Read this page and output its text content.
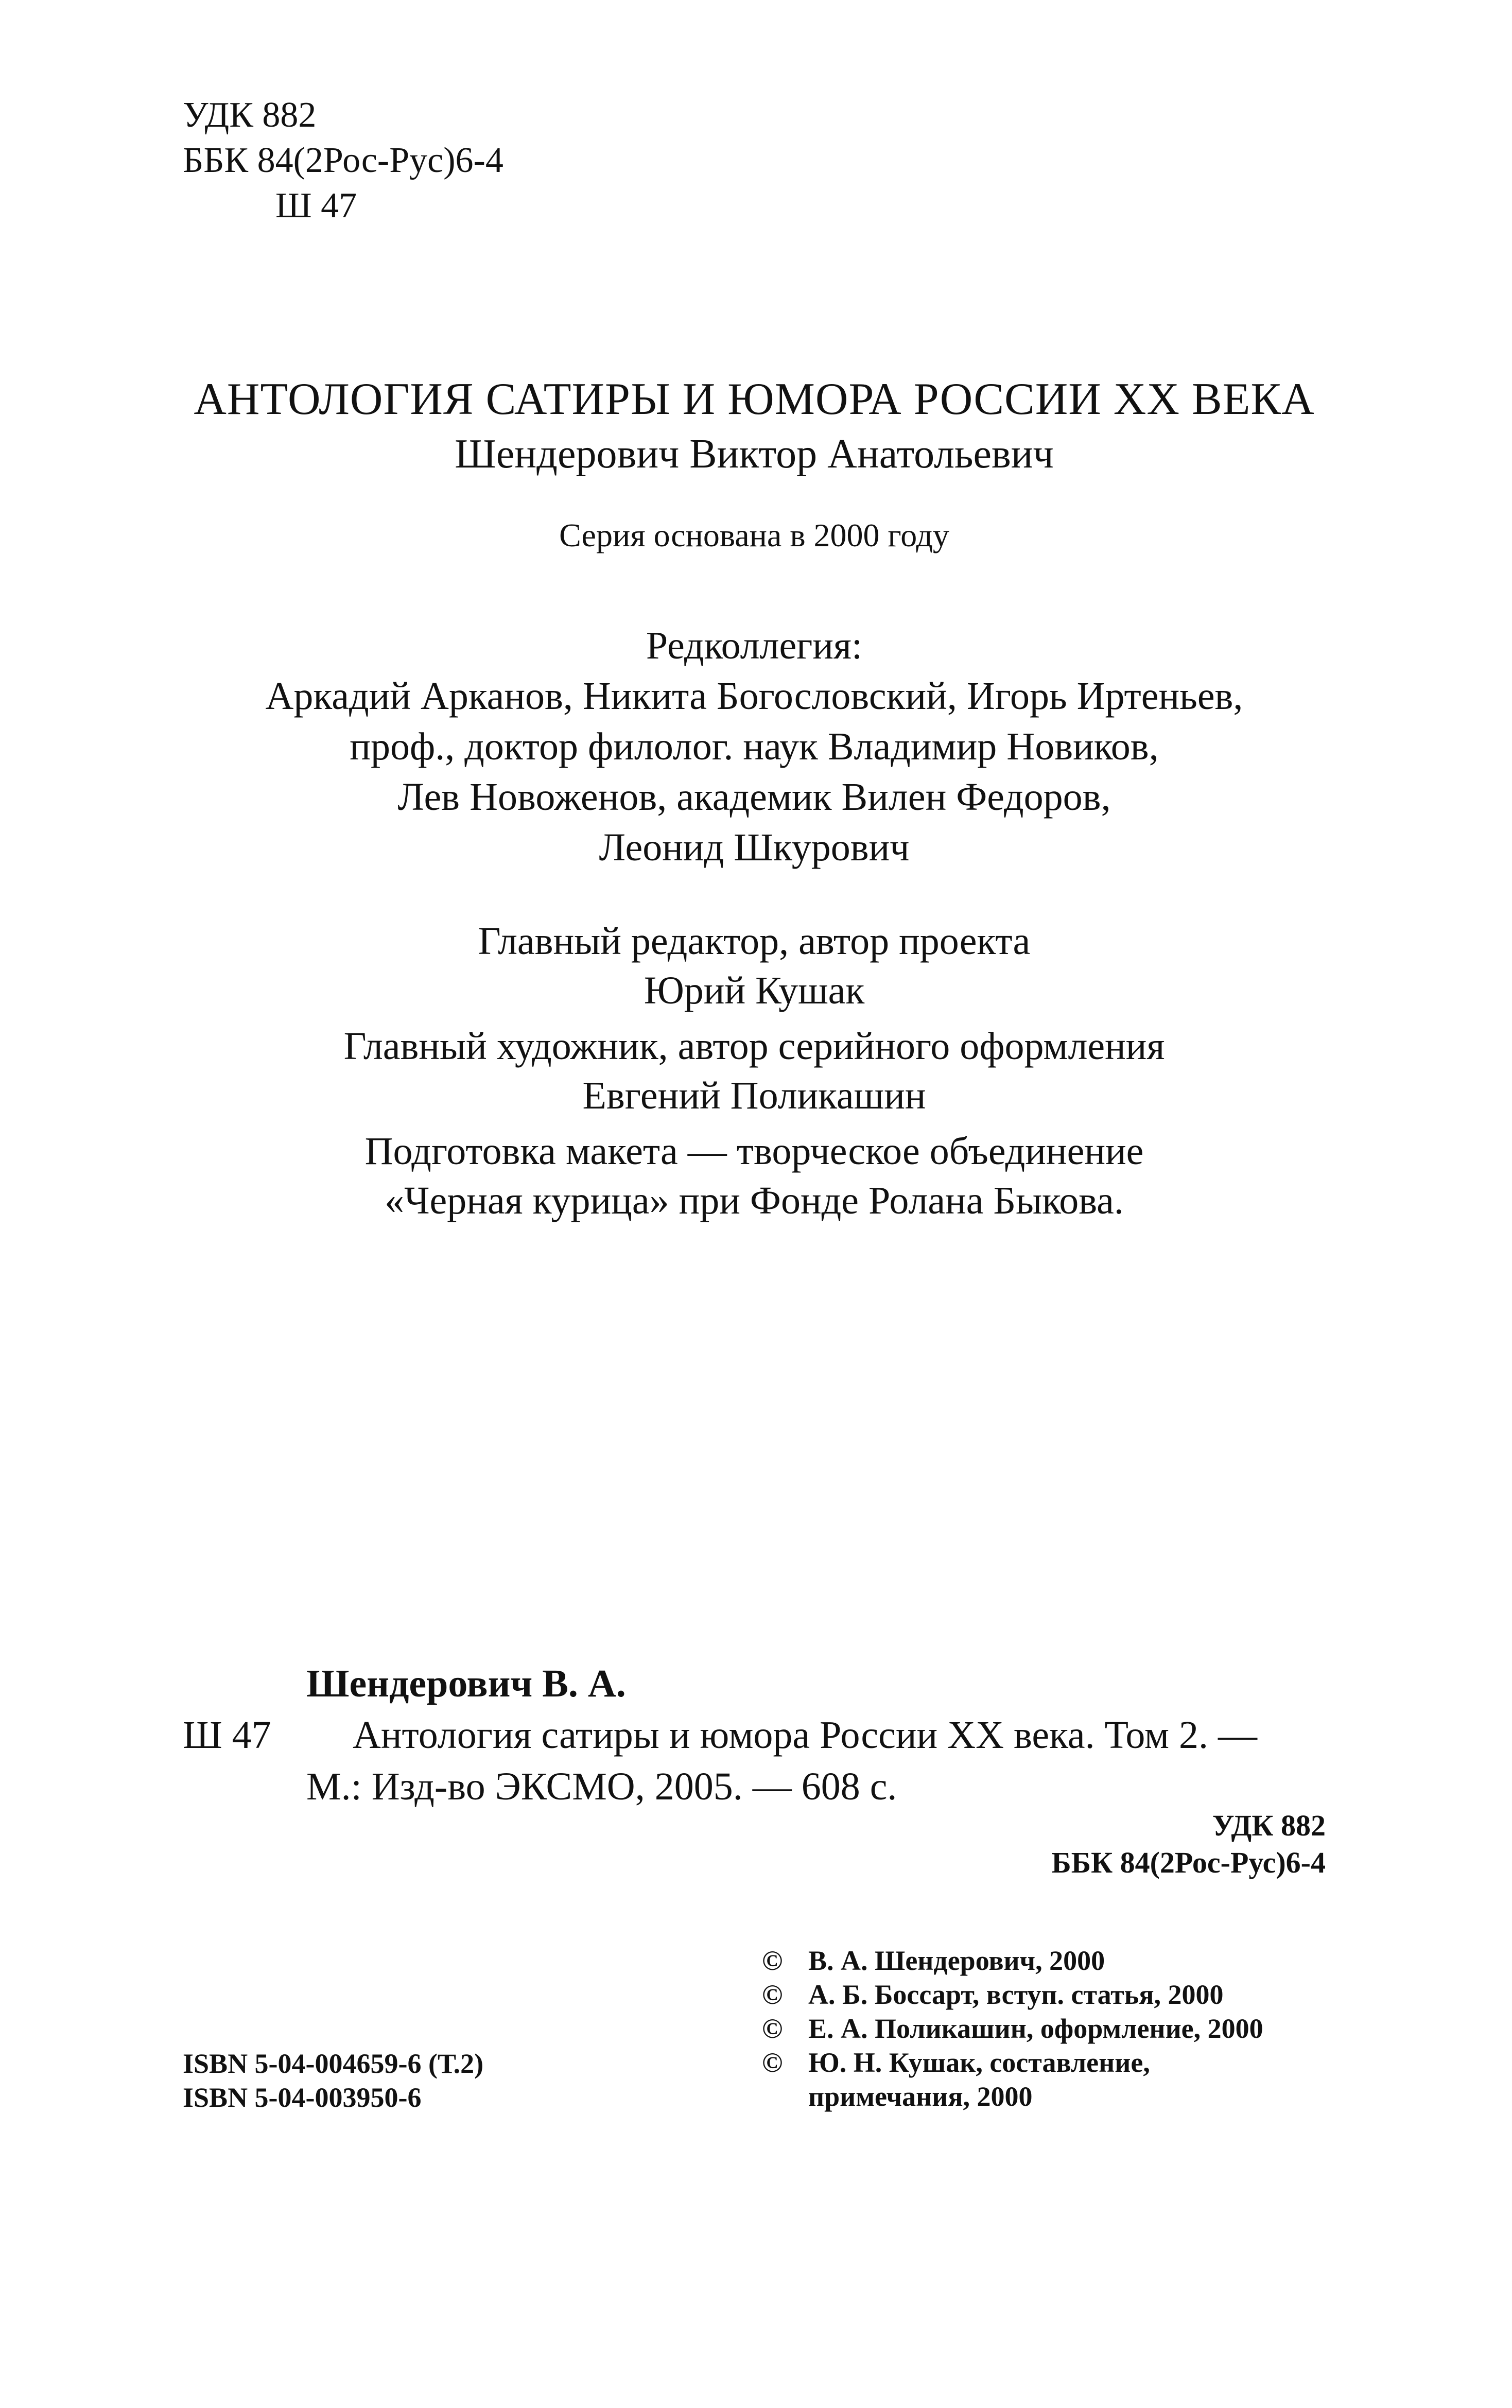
УДК 882
ББК 84(2Рос-Рус)6-4
Ш 47
АНТОЛОГИЯ САТИРЫ И ЮМОРА РОССИИ XX ВЕКА
Шендерович Виктор Анатольевич
Серия основана в 2000 году
Редколлегия:
Аркадий Арканов, Никита Богословский, Игорь Иртеньев,
проф., доктор филолог. наук Владимир Новиков,
Лев Новоженов, академик Вилен Федоров,
Леонид Шкурович
Главный редактор, автор проекта
Юрий Кушак
Главный художник, автор серийного оформления
Евгений Поликашин
Подготовка макета — творческое объединение
«Черная курица» при Фонде Ролана Быкова.
Шендерович В. А.
Ш 47	Антология сатиры и юмора России XX века. Том 2. —
М.: Изд-во ЭКСМО, 2005. — 608 с.
УДК 882
ББК 84(2Рос-Рус)6-4
© В. А. Шендерович, 2000
© А. Б. Боссарт, вступ. статья, 2000
© Е. А. Поликашин, оформление, 2000
© Ю. Н. Кушак, составление,
примечания, 2000
ISBN 5-04-004659-6 (Т.2)
ISBN 5-04-003950-6
